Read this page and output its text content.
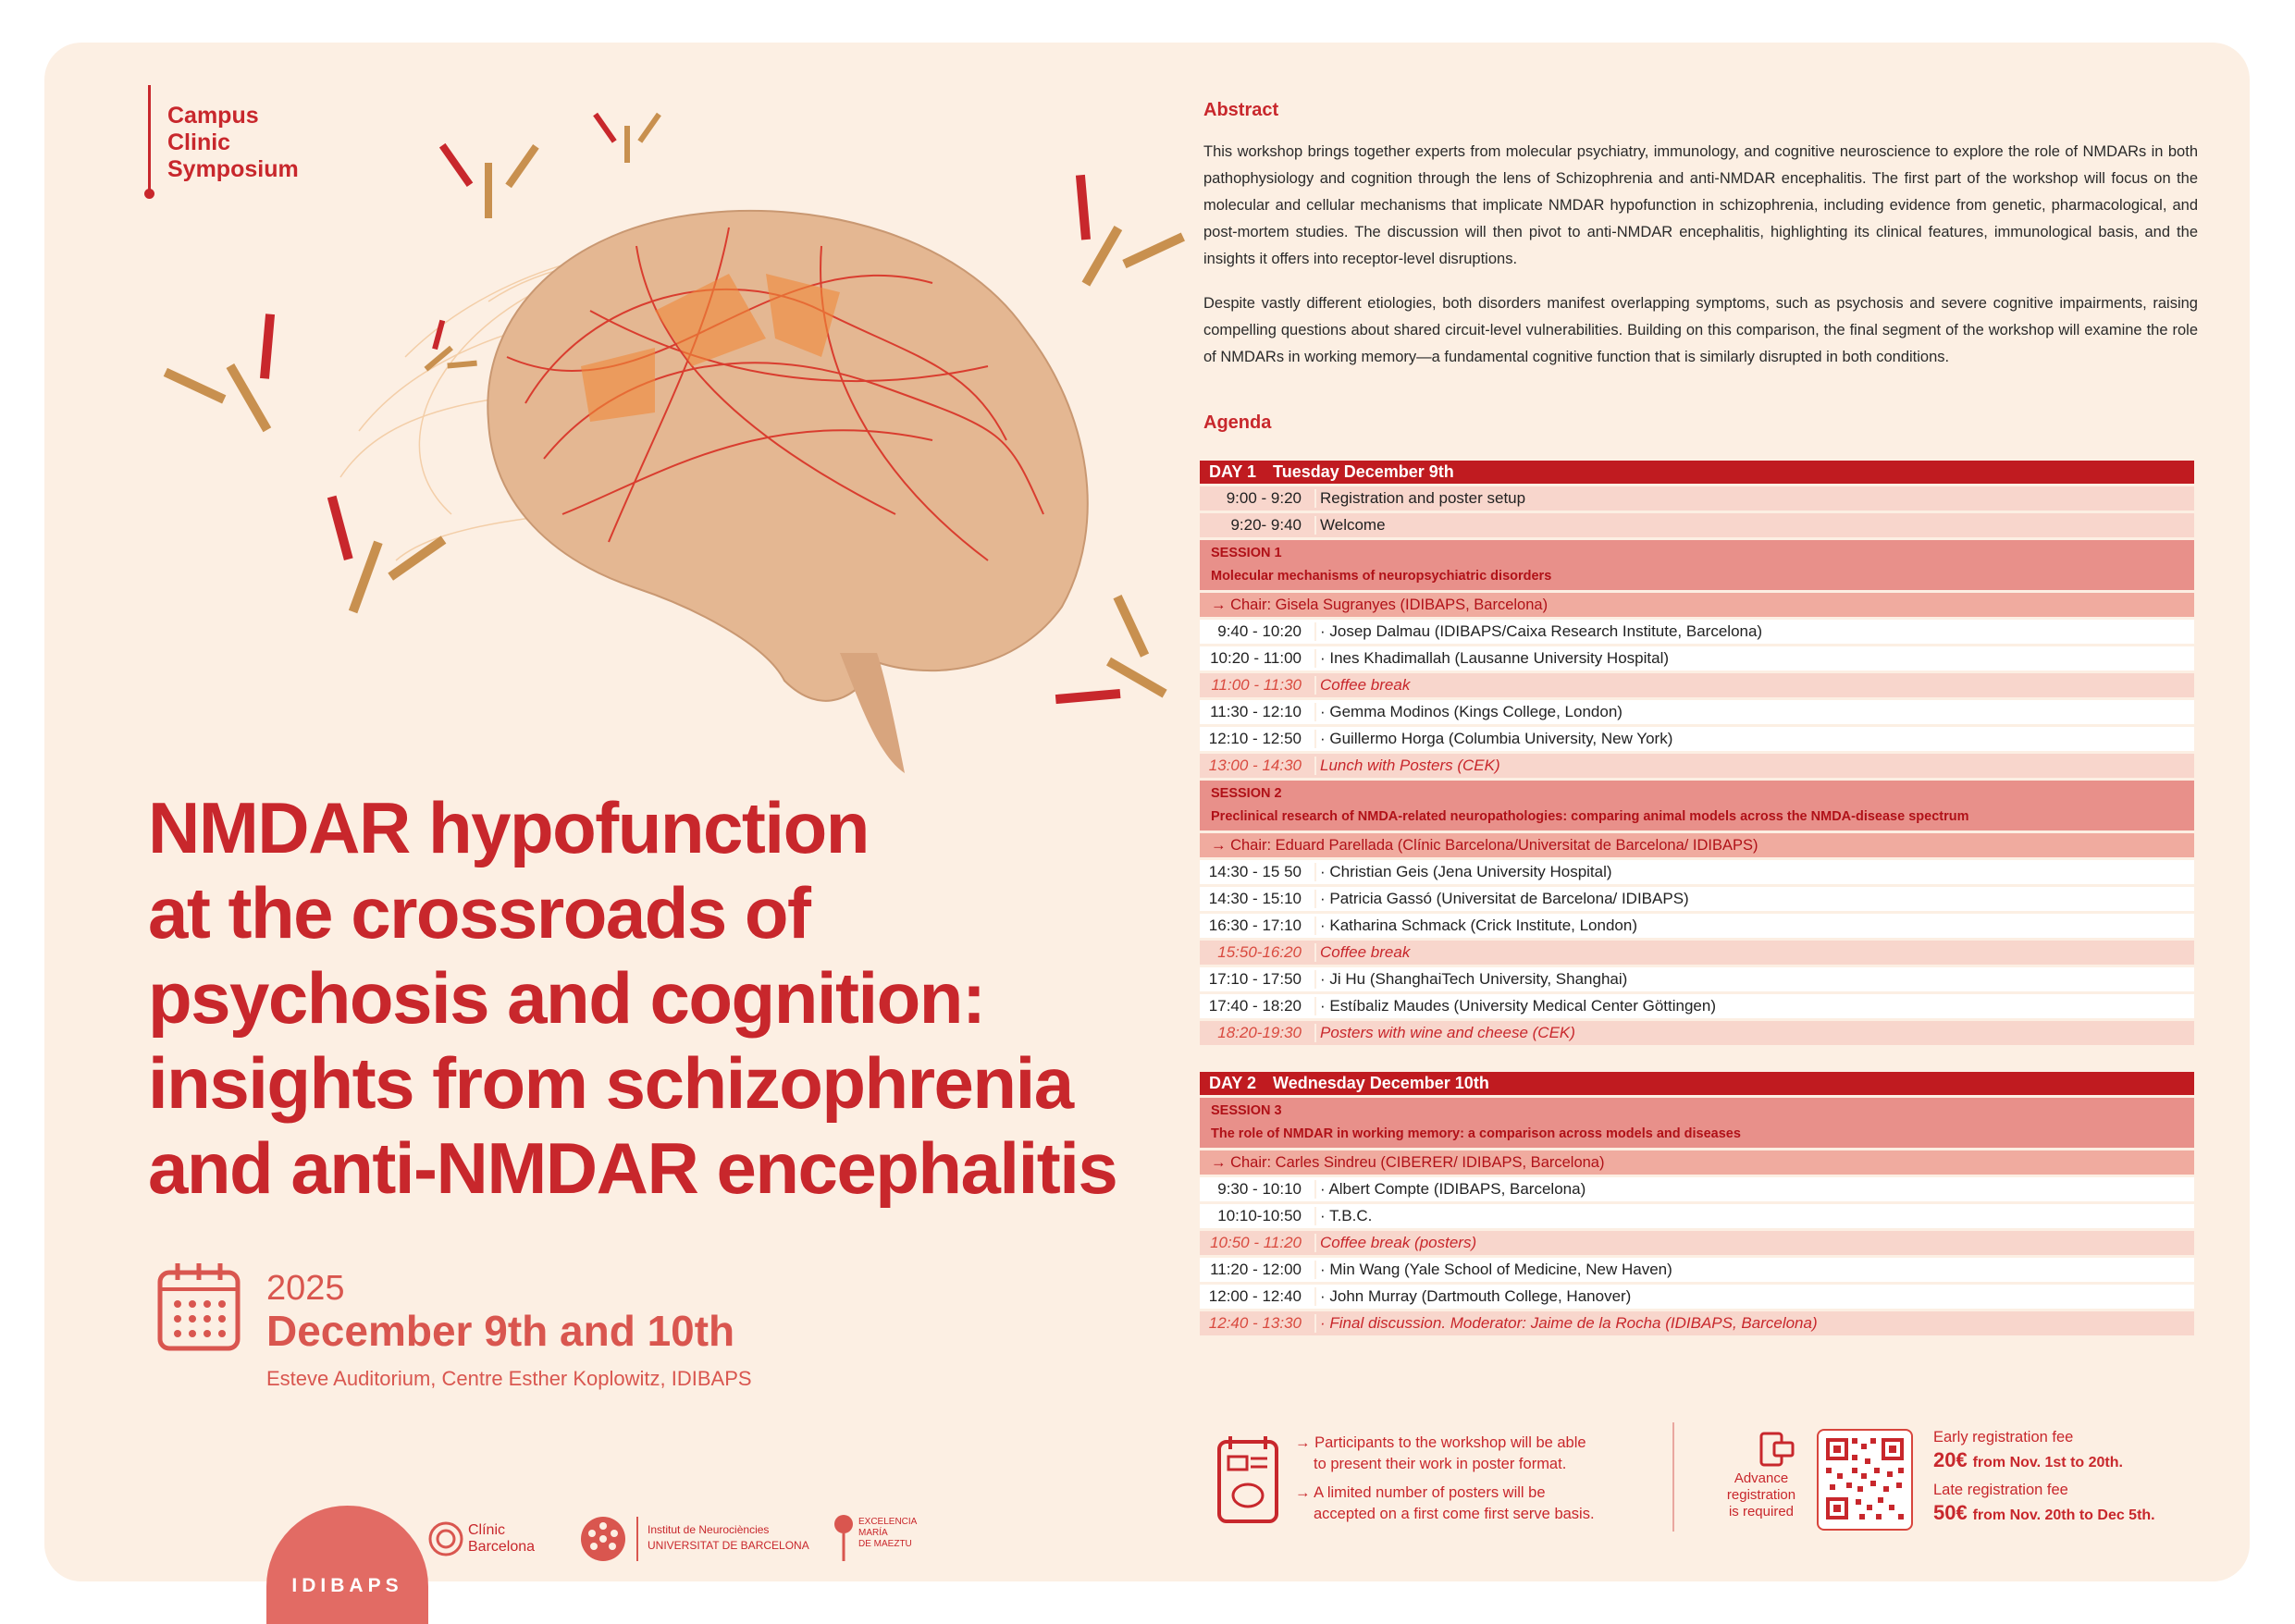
Campus
Clinic
Symposium
NMDAR hypofunction
at the crossroads of
psychosis and cognition:
insights from schizophrenia
and anti-NMDAR encephalitis
2025
December 9th and 10th
Esteve Auditorium, Centre Esther Koplowitz, IDIBAPS
IDIBAPS
Clínic
Barcelona
Institut de Neurociències
UNIVERSITAT DE BARCELONA
EXCELENCIA
MARÍA
DE MAEZTU
Abstract
This workshop brings together experts from molecular psychiatry, immunology, and cognitive neuroscience to explore the role of NMDARs in both pathophysiology and cognition through the lens of Schizophrenia and anti-NMDAR encephalitis. The first part of the workshop will focus on the molecular and cellular mechanisms that implicate NMDAR hypofunction in schizophrenia, including evidence from genetic, pharmacological, and post-mortem studies. The discussion will then pivot to anti-NMDAR encephalitis, highlighting its clinical features, immunological basis, and the insights it offers into receptor-level disruptions.
Despite vastly different etiologies, both disorders manifest overlapping symptoms, such as psychosis and severe cognitive impairments, raising compelling questions about shared circuit-level vulnerabilities. Building on this comparison, the final segment of the workshop will examine the role of NMDARs in working memory—a fundamental cognitive function that is similarly disrupted in both conditions.
Agenda
DAY 1	Tuesday December 9th
9:00 - 9:20	Registration and poster setup
9:20- 9:40	Welcome
SESSION 1
Molecular mechanisms of neuropsychiatric disorders
→ Chair: Gisela Sugranyes (IDIBAPS, Barcelona)
9:40 - 10:20	· Josep Dalmau (IDIBAPS/Caixa Research Institute, Barcelona)
10:20 - 11:00	· Ines Khadimallah (Lausanne University Hospital)
11:00 - 11:30	Coffee break
11:30 - 12:10	· Gemma Modinos (Kings College, London)
12:10 - 12:50	· Guillermo Horga (Columbia University, New York)
13:00 - 14:30	Lunch with Posters (CEK)
SESSION 2
Preclinical research of NMDA-related neuropathologies: comparing animal models across the NMDA-disease spectrum
→ Chair: Eduard Parellada (Clínic Barcelona/Universitat de Barcelona/ IDIBAPS)
14:30 - 15 50	· Christian Geis (Jena University Hospital)
14:30 - 15:10	· Patricia Gassó (Universitat de Barcelona/ IDIBAPS)
16:30 - 17:10	· Katharina Schmack (Crick Institute, London)
15:50-16:20	Coffee break
17:10 - 17:50	· Ji Hu (ShanghaiTech University, Shanghai)
17:40 - 18:20	· Estíbaliz Maudes (University Medical Center Göttingen)
18:20-19:30	Posters with wine and cheese (CEK)
DAY 2	Wednesday December 10th
SESSION 3
The role of NMDAR in working memory: a comparison across models and diseases
→ Chair: Carles Sindreu (CIBERER/ IDIBAPS, Barcelona)
9:30 - 10:10	· Albert Compte (IDIBAPS, Barcelona)
10:10-10:50	· T.B.C.
10:50 - 11:20	Coffee break (posters)
11:20 - 12:00	· Min Wang (Yale School of Medicine, New Haven)
12:00 - 12:40	· John Murray (Dartmouth College, Hanover)
12:40 - 13:30	· Final discussion. Moderator: Jaime de la Rocha (IDIBAPS, Barcelona)
→ Participants to the workshop will be able
to present their work in poster format.
→ A limited number of posters will be
accepted on a first come first serve basis.
Advance
registration
is required
Early registration fee
20€ from Nov. 1st to 20th.
Late registration fee
50€ from Nov. 20th to Dec 5th.
